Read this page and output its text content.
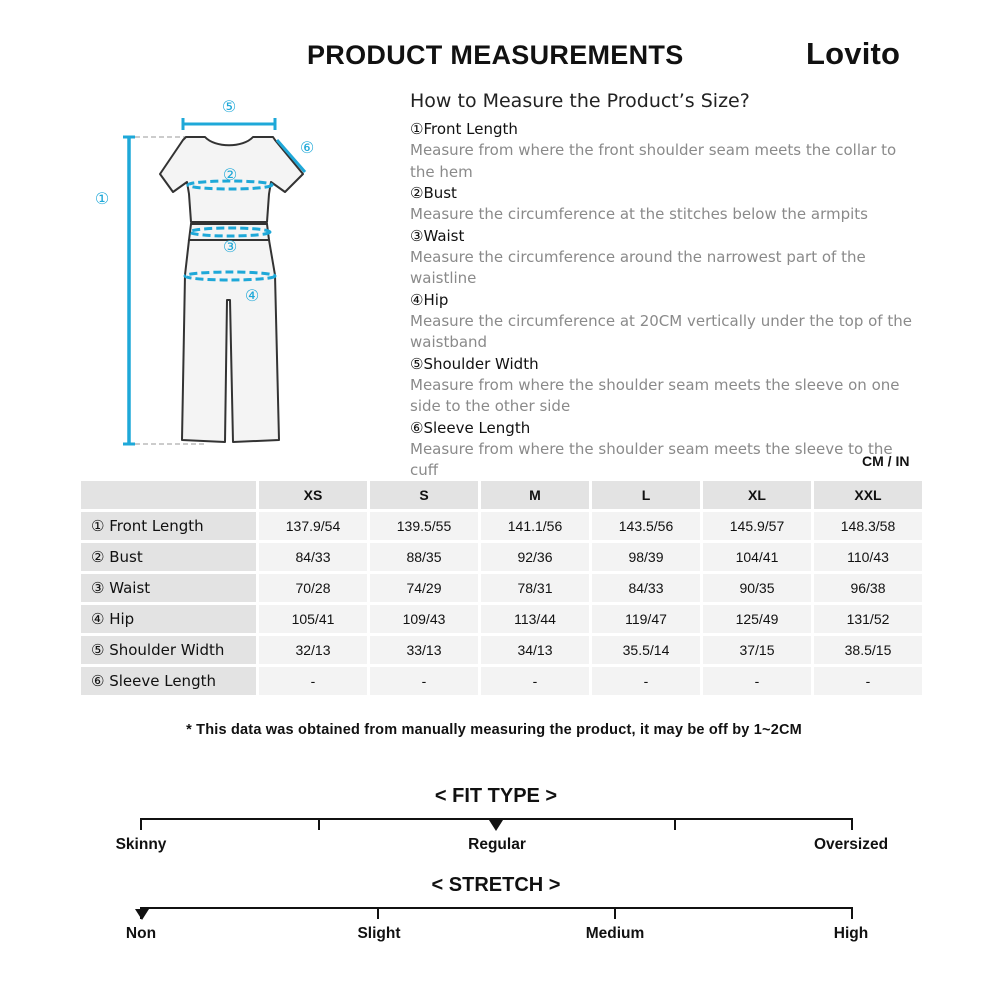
PRODUCT MEASUREMENTS	Lovito
①
②
③
④
⑤
⑥
How to Measure the Product’s Size?
①Front Length
Measure from where the front shoulder seam meets the collar to the hem
②Bust
Measure the circumference at the stitches below the armpits
③Waist
Measure the circumference around the narrowest part of the waistline
④Hip
Measure the circumference at 20CM vertically under the top of the waistband
⑤Shoulder Width
Measure from where the shoulder seam meets the sleeve on one side to the other side
⑥Sleeve Length
Measure from where the shoulder seam meets the sleeve to the cuff	CM / IN
	XS	S	M	L	XL	XXL
① Front Length	137.9/54	139.5/55	141.1/56	143.5/56	145.9/57	148.3/58
② Bust	84/33	88/35	92/36	98/39	104/41	110/43
③ Waist	70/28	74/29	78/31	84/33	90/35	96/38
④ Hip	105/41	109/43	113/44	119/47	125/49	131/52
⑤ Shoulder Width	32/13	33/13	34/13	35.5/14	37/15	38.5/15
⑥ Sleeve Length	-	-	-	-	-	-
* This data was obtained from manually measuring the product, it may be off by 1~2CM
< FIT TYPE >
Skinny	Regular	Oversized
< STRETCH >
Non	Slight	Medium	High
